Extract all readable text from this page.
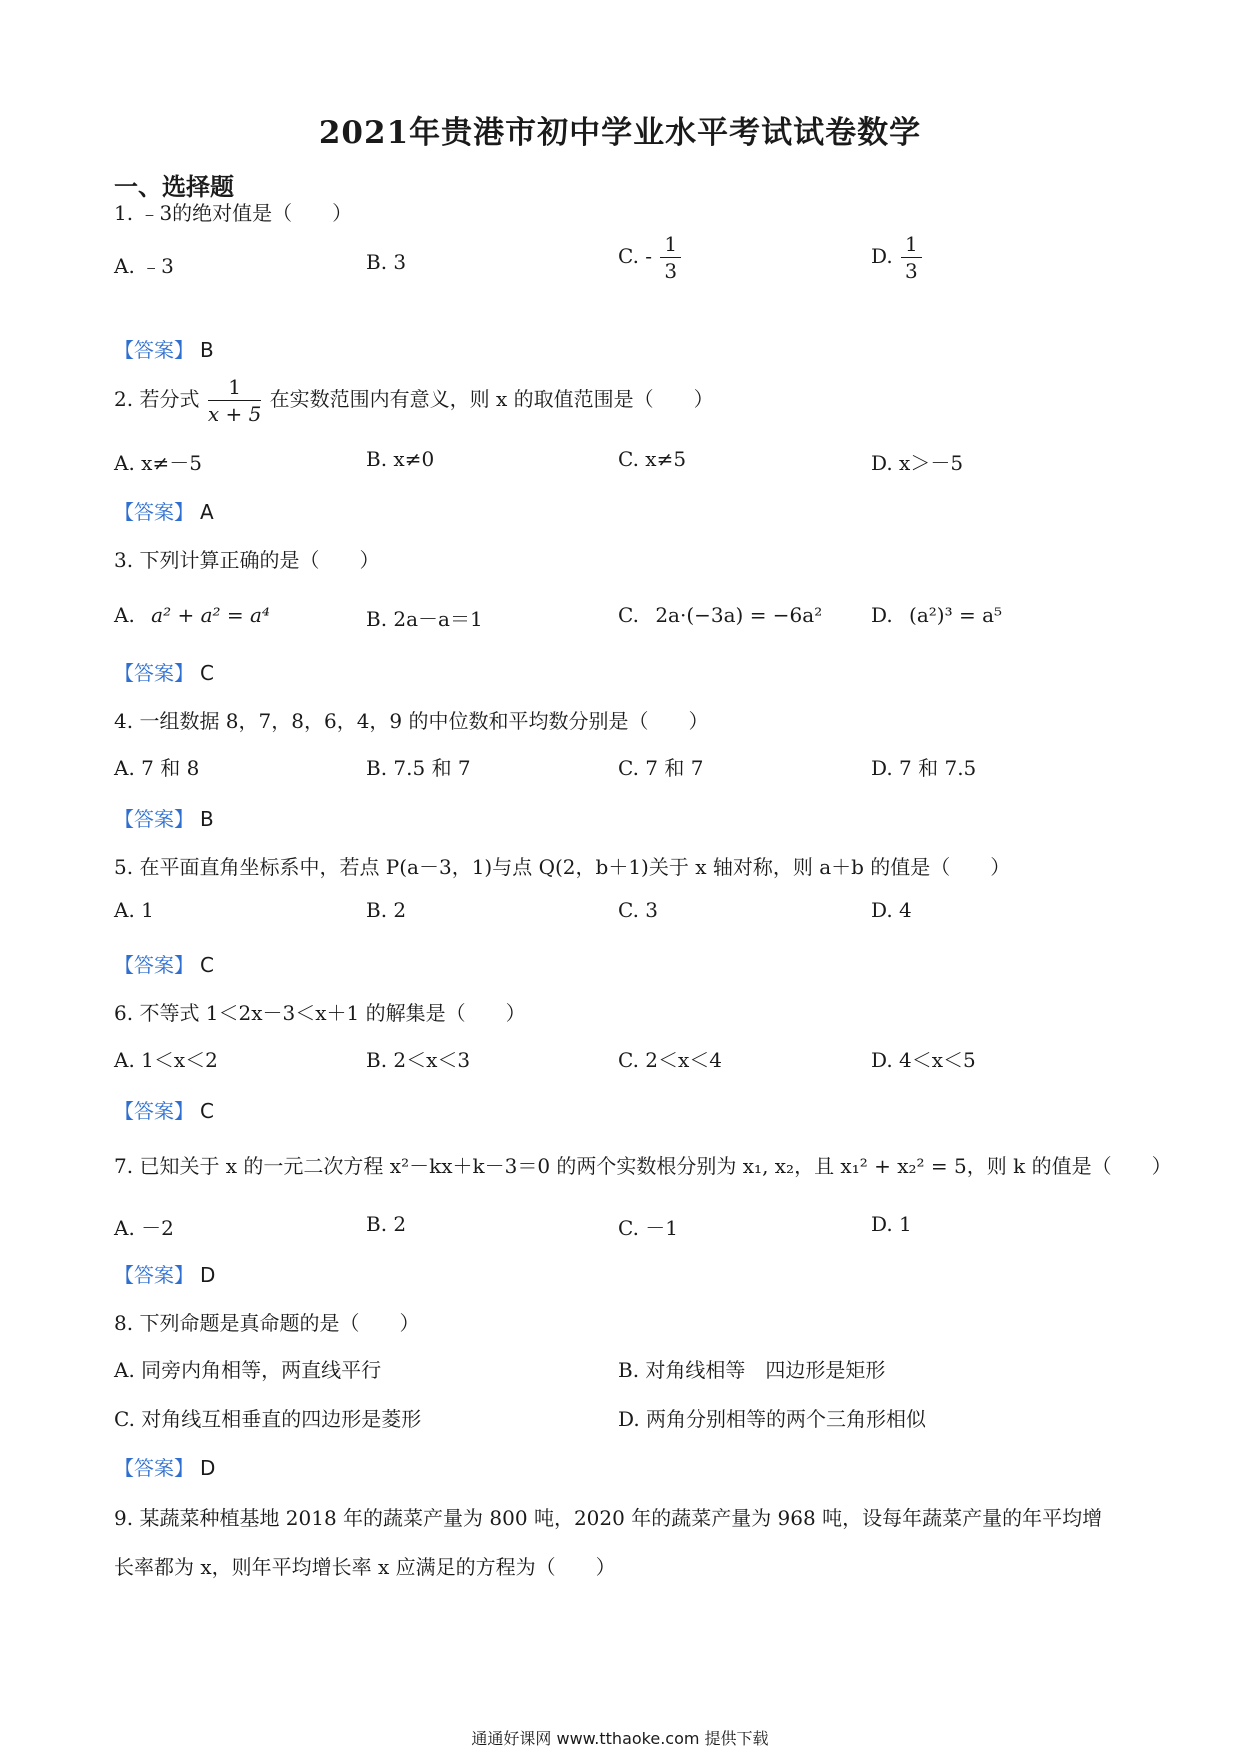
2021年贵港市初中学业水平考试试卷数学
一、选择题
1. ﹣3的绝对值是（　　）
A. ﹣3	B. 3	C. - $\frac{1}{3}$	D. $\frac{1}{3}$
【答案】 B
2. 若分式 $\frac{1}{x + 5}$ 在实数范围内有意义，则 x 的取值范围是（　　）
A. x≠－5	B. x≠0	C. x≠5	D. x＞－5
【答案】 A
3. 下列计算正确的是（　　）
A. a² + a² = a⁴	B. 2a－a＝1	C. 2a·(−3a) = −6a² D. (a²)³ = a⁵
【答案】 C
4. 一组数据 8，7，8，6，4，9 的中位数和平均数分别是（　　）
A. 7 和 8	B. 7.5 和 7	C. 7 和 7	D. 7 和 7.5
【答案】 B
5. 在平面直角坐标系中，若点 P(a－3，1)与点 Q(2，b＋1)关于 x 轴对称，则 a＋b 的值是（　　）
A. 1	B. 2	C. 3	D. 4
【答案】 C
6. 不等式 1＜2x－3＜x＋1 的解集是（　　）
A. 1＜x＜2	B. 2＜x＜3	C. 2＜x＜4	D. 4＜x＜5
【答案】 C
7. 已知关于 x 的一元二次方程 x²－kx＋k－3＝0 的两个实数根分别为 x₁, x₂，且 x₁² + x₂² = 5，则 k 的值是（　　）
A. －2	B. 2	C. －1	D. 1
【答案】 D
8. 下列命题是真命题的是（　　）
A. 同旁内角相等，两直线平行	B. 对角线相等　四边形是矩形
C. 对角线互相垂直的四边形是菱形	D. 两角分别相等的两个三角形相似
【答案】 D
9. 某蔬菜种植基地 2018 年的蔬菜产量为 800 吨，2020 年的蔬菜产量为 968 吨，设每年蔬菜产量的年平均增
长率都为 x，则年平均增长率 x 应满足的方程为（　　）
通通好课网 www.tthaoke.com 提供下载
